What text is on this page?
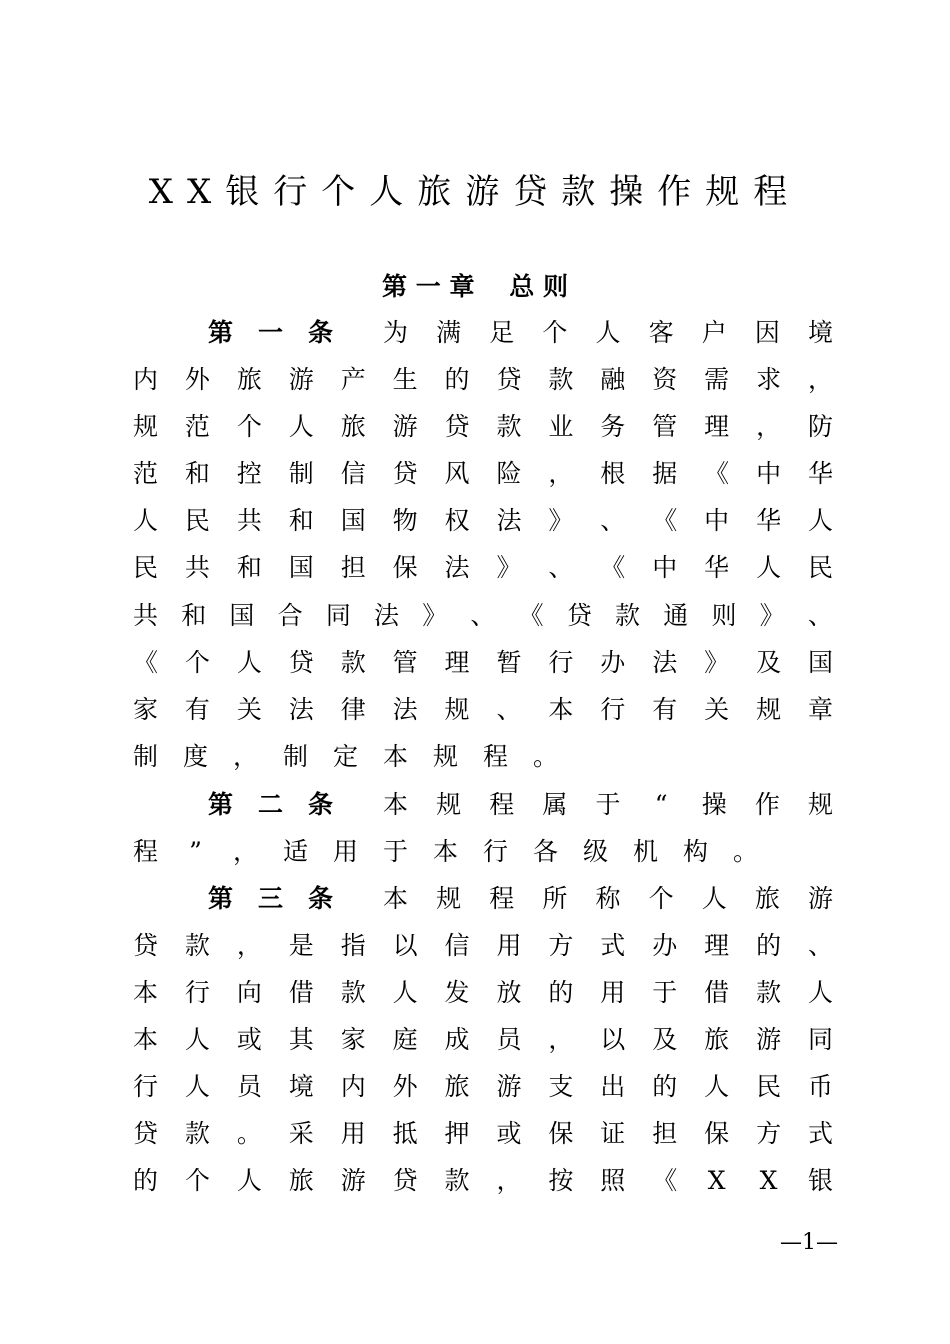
XX银行个人旅游贷款操作规程
第 一 章    总 则
第 一 条 为 满 足 个 人 客 户 因 境
内 外 旅 游 产 生 的 贷 款 融 资 需 求 ，
规 范 个 人 旅 游 贷 款 业 务 管 理 ， 防
范 和 控 制 信 贷 风 险 ， 根 据 《 中 华
人 民 共 和 国 物 权 法 》 、 《 中 华 人
民 共 和 国 担 保 法 》 、 《 中 华 人 民
共 和 国 合 同 法 》 、 《 贷 款 通 则 》 、
《 个 人 贷 款 管 理 暂 行 办 法 》 及 国
家 有 关 法 律 法 规 、 本 行 有 关 规 章
制 度 ， 制 定 本 规 程 。
第 二 条 本 规 程 属 于 “ 操 作 规
程 ” ， 适 用 于 本 行 各 级 机 构 。
第 三 条 本 规 程 所 称 个 人 旅 游
贷 款 ， 是 指 以 信 用 方 式 办 理 的 、
本 行 向 借 款 人 发 放 的 用 于 借 款 人
本 人 或 其 家 庭 成 员 ， 以 及 旅 游 同
行 人 员 境 内 外 旅 游 支 出 的 人 民 币
贷 款 。 采 用 抵 押 或 保 证 担 保 方 式
的 个 人 旅 游 贷 款 ， 按 照 《 X X 银
—1—
